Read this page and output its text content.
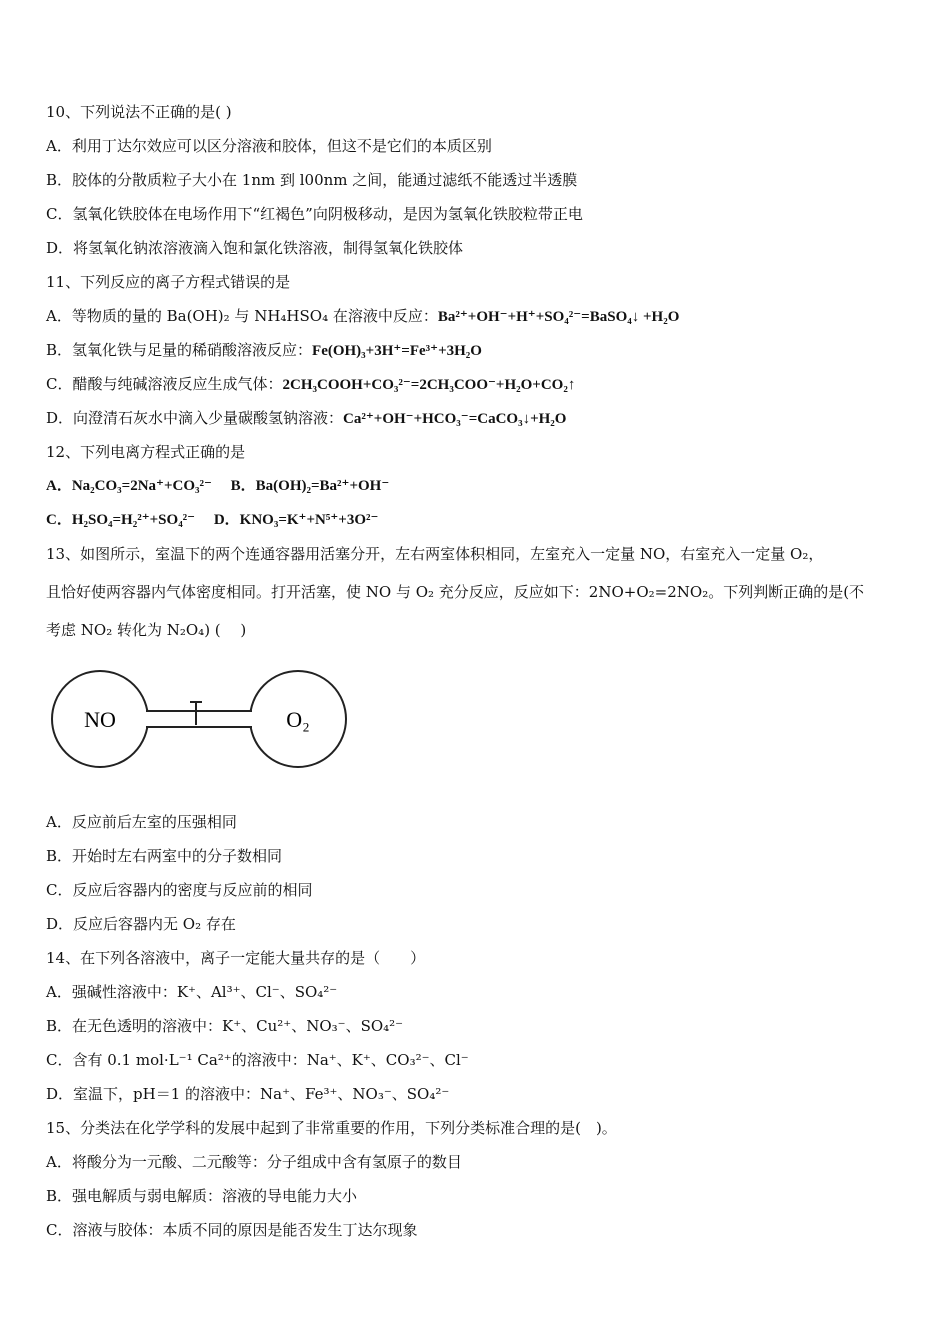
10、下列说法不正确的是( )
A．利用丁达尔效应可以区分溶液和胶体，但这不是它们的本质区别
B．胶体的分散质粒子大小在 1nm 到 l00nm 之间，能通过滤纸不能透过半透膜
C．氢氧化铁胶体在电场作用下“红褐色”向阴极移动，是因为氢氧化铁胶粒带正电
D．将氢氧化钠浓溶液滴入饱和氯化铁溶液，制得氢氧化铁胶体
11、下列反应的离子方程式错误的是
A．等物质的量的 Ba(OH)₂ 与 NH₄HSO₄ 在溶液中反应：Ba²⁺+OH⁻+H⁺+SO₄²⁻=BaSO₄↓ +H₂O
B．氢氧化铁与足量的稀硝酸溶液反应：Fe(OH)₃+3H⁺=Fe³⁺+3H₂O
C．醋酸与纯碱溶液反应生成气体：2CH₃COOH+CO₃²⁻=2CH₃COO⁻+H₂O+CO₂↑
D．向澄清石灰水中滴入少量碳酸氢钠溶液：Ca²⁺+OH⁻+HCO₃⁻=CaCO₃↓+H₂O
12、下列电离方程式正确的是
A．Na₂CO₃=2Na⁺+CO₃²⁻　 B．Ba(OH)₂=Ba²⁺+OH⁻
C．H₂SO₄=H₂²⁺+SO₄²⁻　 D．KNO₃=K⁺+N⁵⁺+3O²⁻
13、如图所示，室温下的两个连通容器用活塞分开，左右两室体积相同，左室充入一定量 NO，右室充入一定量 O₂，
且恰好使两容器内气体密度相同。打开活塞，使 NO 与 O₂ 充分反应，反应如下：2NO+O₂=2NO₂。下列判断正确的是(不
考虑 NO₂ 转化为 N₂O₄) (　 )
NO	O₂
A．反应前后左室的压强相同
B．开始时左右两室中的分子数相同
C．反应后容器内的密度与反应前的相同
D．反应后容器内无 O₂ 存在
14、在下列各溶液中，离子一定能大量共存的是（　　）
A．强碱性溶液中：K⁺、Al³⁺、Cl⁻、SO₄²⁻
B．在无色透明的溶液中：K⁺、Cu²⁺、NO₃⁻、SO₄²⁻
C．含有 0.1 mol·L⁻¹ Ca²⁺的溶液中：Na⁺、K⁺、CO₃²⁻、Cl⁻
D．室温下，pH＝1 的溶液中：Na⁺、Fe³⁺、NO₃⁻、SO₄²⁻
15、分类法在化学学科的发展中起到了非常重要的作用，下列分类标准合理的是(　)。
A．将酸分为一元酸、二元酸等：分子组成中含有氢原子的数目
B．强电解质与弱电解质：溶液的导电能力大小
C．溶液与胶体：本质不同的原因是能否发生丁达尔现象
